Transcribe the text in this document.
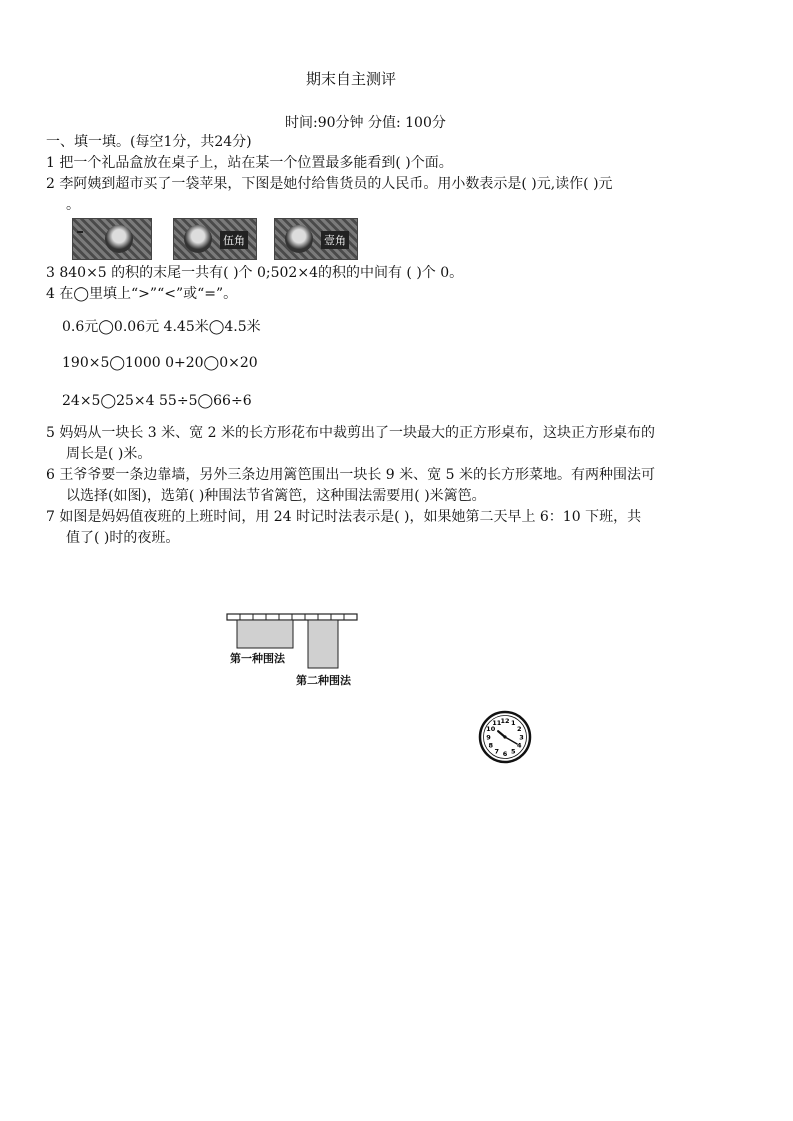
期末自主测评
时间:90分钟 分值: 100分
一、填一填。(每空1分，共24分)
1 把一个礼品盒放在桌子上，站在某一个位置最多能看到( )个面。
2 李阿姨到超市买了一袋苹果，下图是她付给售货员的人民币。用小数表示是( )元,读作( )元
。
伍角	壹角
3 840×5 的积的末尾一共有( )个 0;502×4的积的中间有 ( )个 0。
4 在◯里填上“>”“<”或“=”。
0.6元◯0.06元 4.45米◯4.5米
190×5◯1000 0+20◯0×20
24×5◯25×4 55÷5◯66÷6
5 妈妈从一块长 3 米、宽 2 米的长方形花布中裁剪出了一块最大的正方形桌布，这块正方形桌布的
周长是( )米。
6 王爷爷要一条边靠墙，另外三条边用篱笆围出一块长 9 米、宽 5 米的长方形菜地。有两种围法可
以选择(如图)，选第( )种围法节省篱笆，这种围法需要用( )米篱笆。
7 如图是妈妈值夜班的上班时间，用 24 时记时法表示是( )，如果她第二天早上 6：10 下班，共
值了( )时的夜班。
第一种围法
第二种围法
12 1
2
3
4
5
6
7
8
9
10
11
